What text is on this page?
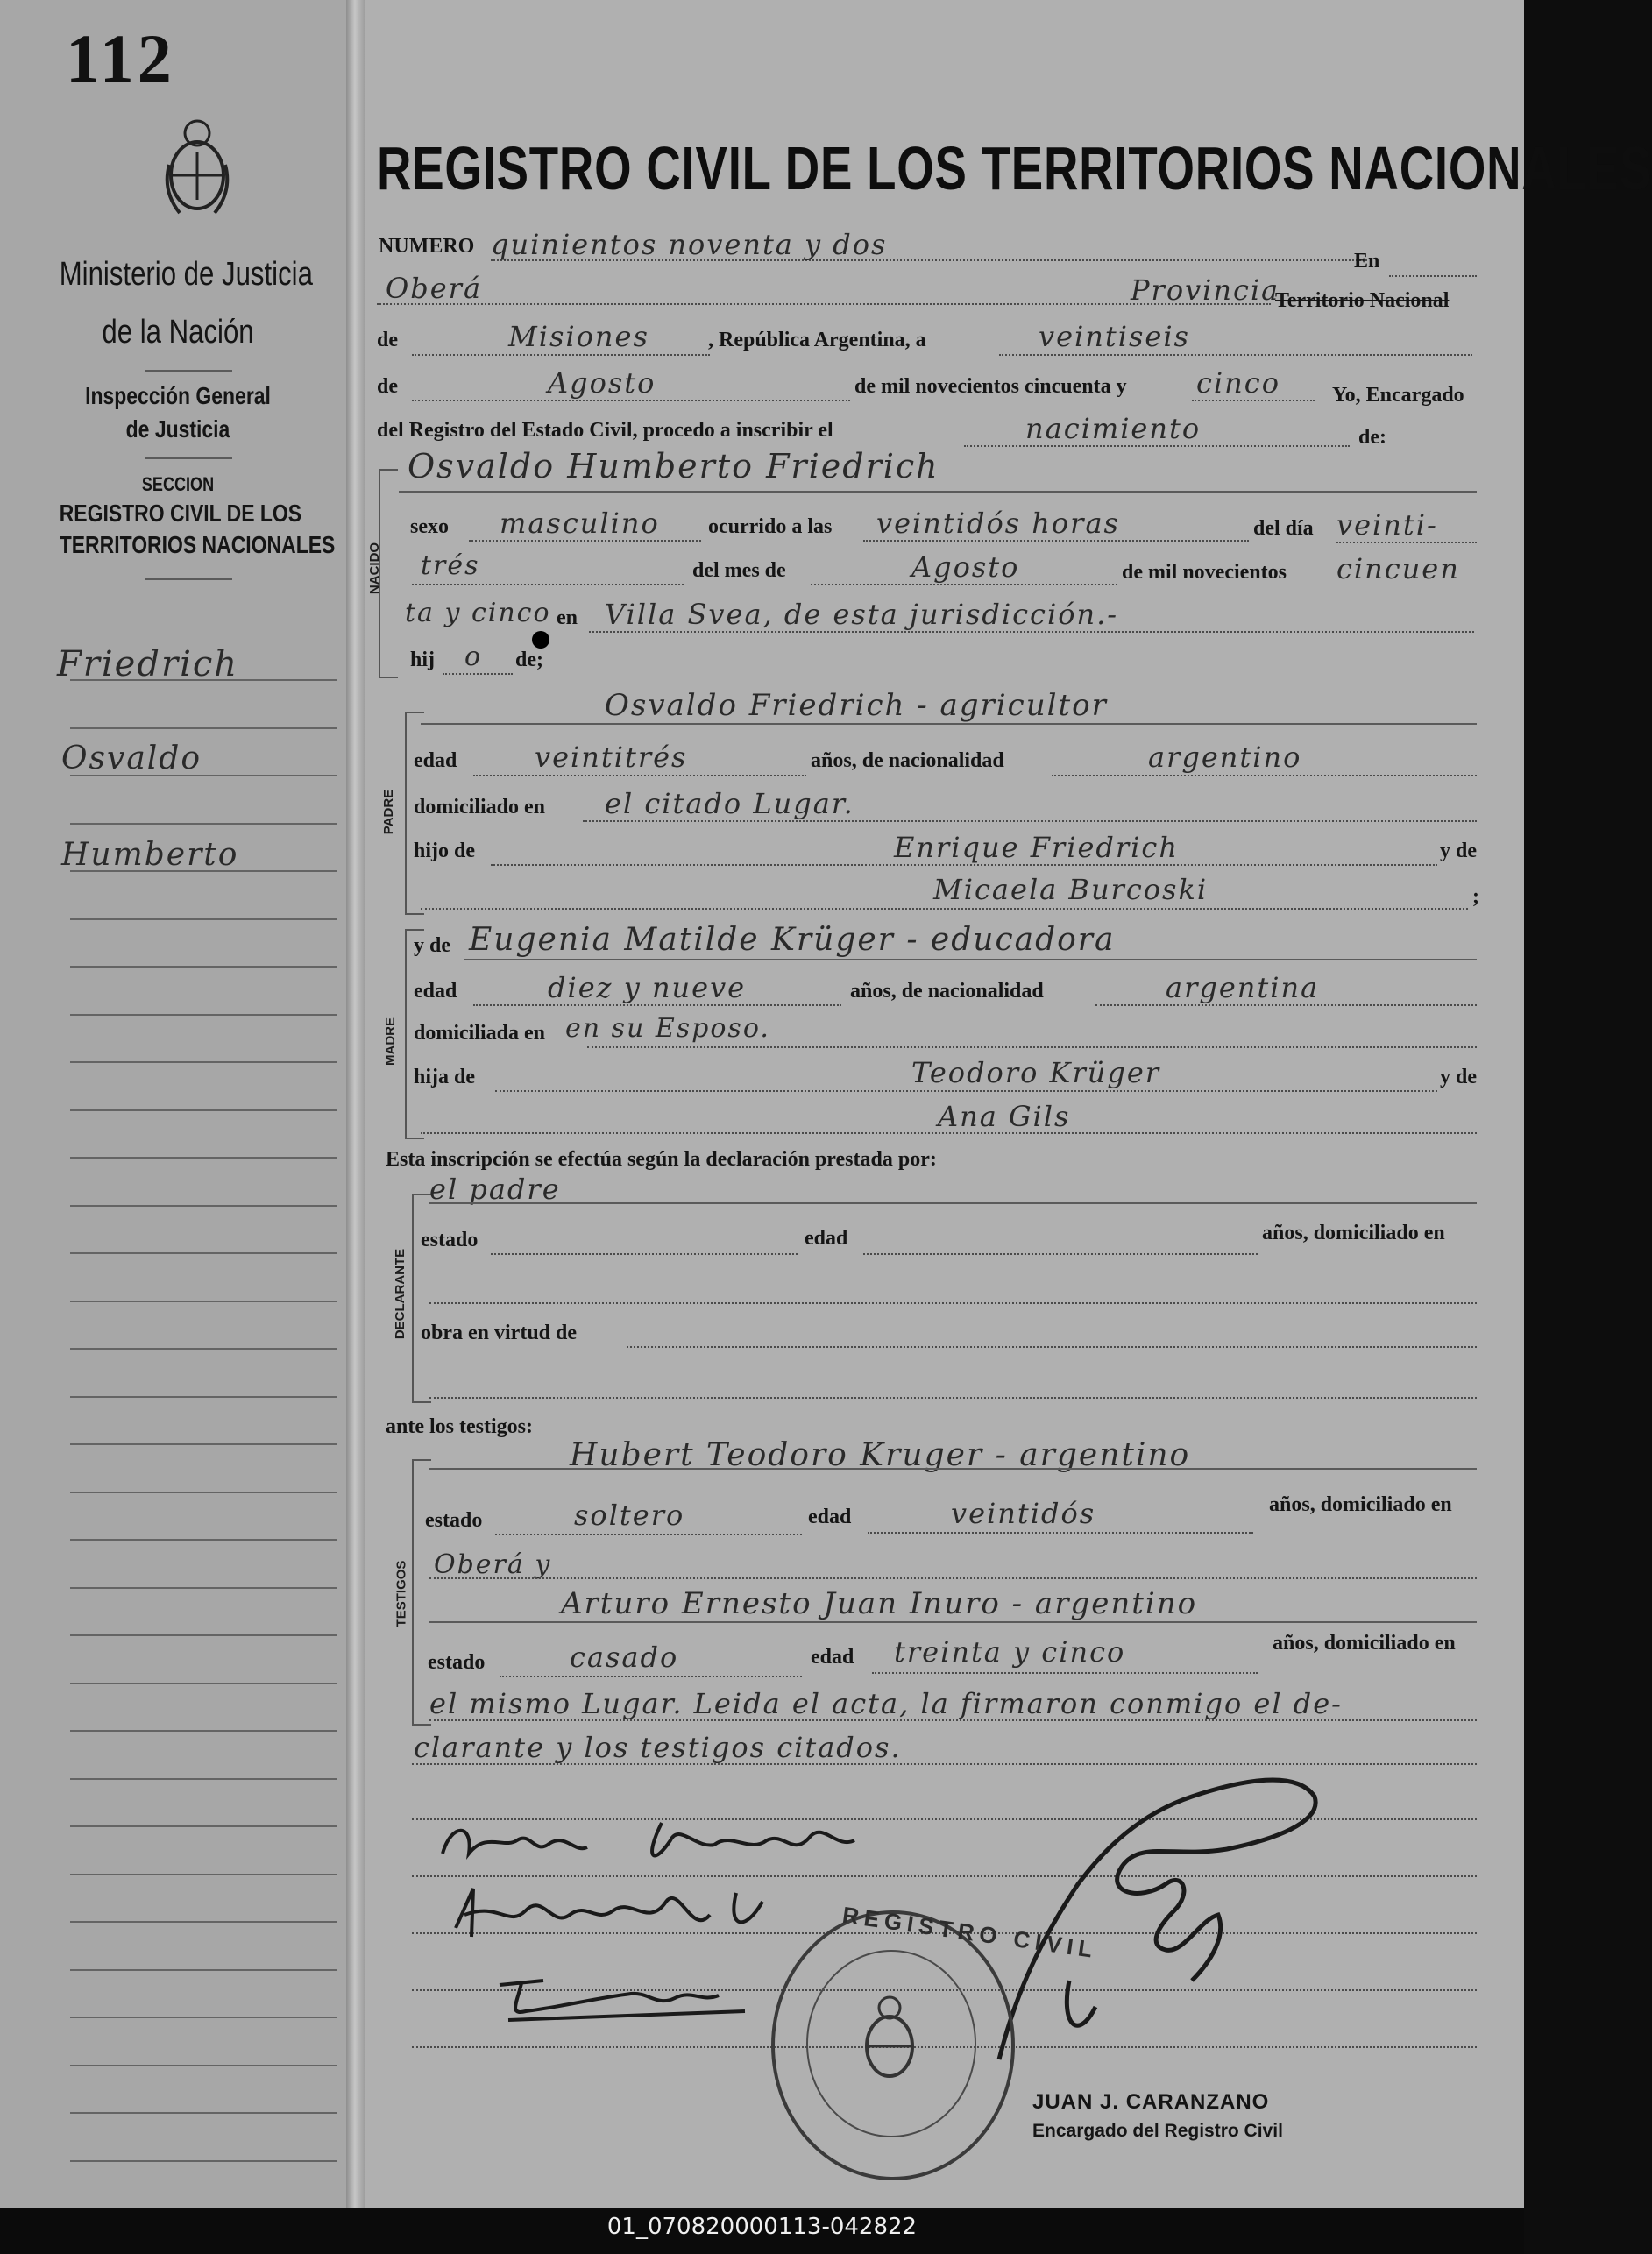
112
Ministerio de Justicia
de la Nación
Inspección General
de Justicia
SECCION
REGISTRO CIVIL DE LOS
TERRITORIOS NACIONALES
Friedrich
Osvaldo
Humberto
REGISTRO CIVIL DE LOS TERRITORIOS NACIONALES
NUMERO quinientos noventa y dos	En
Oberá	Provincia
Territorio Nacional
de	Misiones	, República Argentina, a	veintiseis
de	Agosto	de mil novecientos cincuenta y cinco Yo, Encargado
del Registro del Estado Civil, procedo a inscribir el	nacimiento	de:
NACIDO
Osvaldo Humberto Friedrich
sexo masculino ocurrido a las veintidós horas	del día veinti-
trés	del mes de	Agosto	de mil novecientos cincuen
ta y cinco en Villa Svea, de esta jurisdicción.-
hij o de;
PADRE
Osvaldo Friedrich - agricultor
edad	veintitrés	años, de nacionalidad	argentino
domiciliado en el citado Lugar.
hijo de	Enrique Friedrich	y de
Micaela Burcoski	;
MADRE
y de Eugenia Matilde Krüger - educadora
edad	diez y nueve	años, de nacionalidad	argentina
domiciliada en en su Esposo.
hija de	Teodoro Krüger	y de
Ana Gils
Esta inscripción se efectúa según la declaración prestada por:
DECLARANTE
el padre
estado	edad	años, domiciliado en
obra en virtud de
ante los testigos:
TESTIGOS
Hubert Teodoro Kruger - argentino
estado	soltero	edad	veintidós	años, domiciliado en
Oberá y
Arturo Ernesto Juan Inuro - argentino
estado	casado	edad treinta y cinco	años, domiciliado en
el mismo Lugar. Leida el acta, la firmaron conmigo el de-
clarante y los testigos citados.
REGISTRO CIVIL
JUAN J. CARANZANO
Encargado del Registro Civil
01_070820000113-042822
